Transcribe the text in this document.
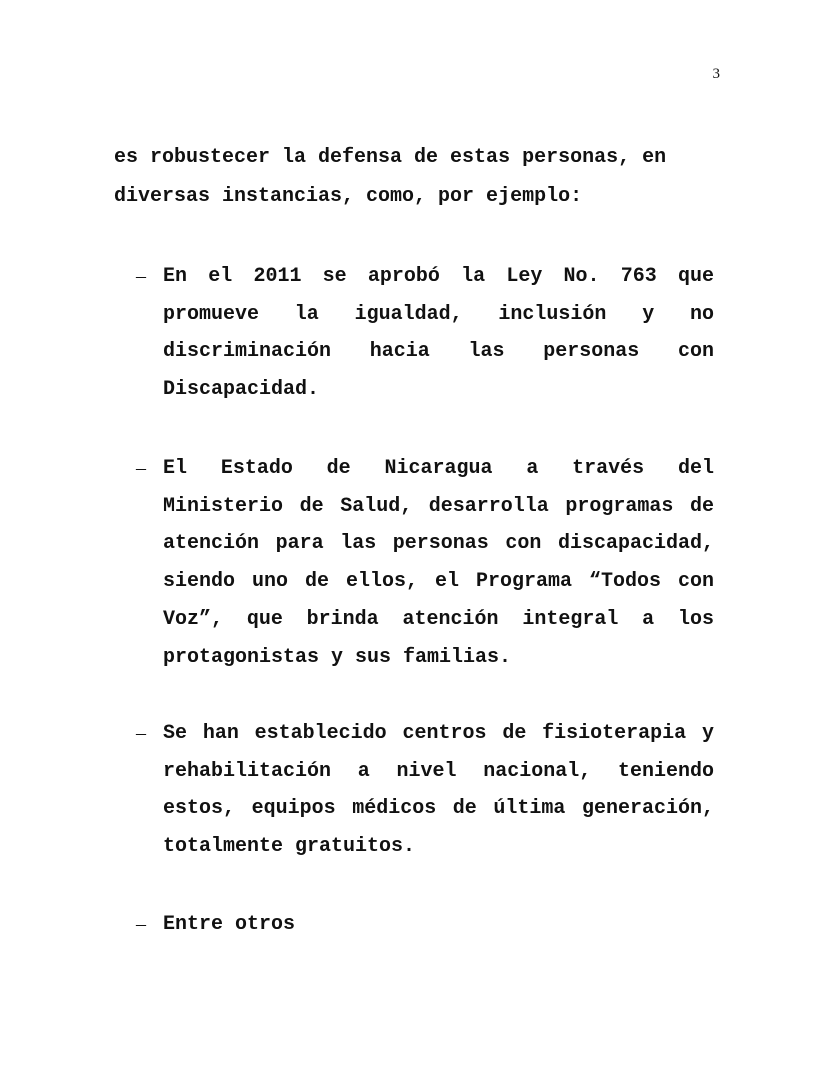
3
es robustecer la defensa de estas personas, en diversas instancias, como, por ejemplo:
– En el 2011 se aprobó la Ley No. 763 que promueve la igualdad, inclusión y no discriminación hacia las personas con Discapacidad.
– El Estado de Nicaragua a través del Ministerio de Salud, desarrolla programas de atención para las personas con discapacidad, siendo uno de ellos, el Programa “Todos con Voz”, que brinda atención integral a los protagonistas y sus familias.
– Se han establecido centros de fisioterapia y rehabilitación a nivel nacional, teniendo estos, equipos médicos de última generación, totalmente gratuitos.
– Entre otros
